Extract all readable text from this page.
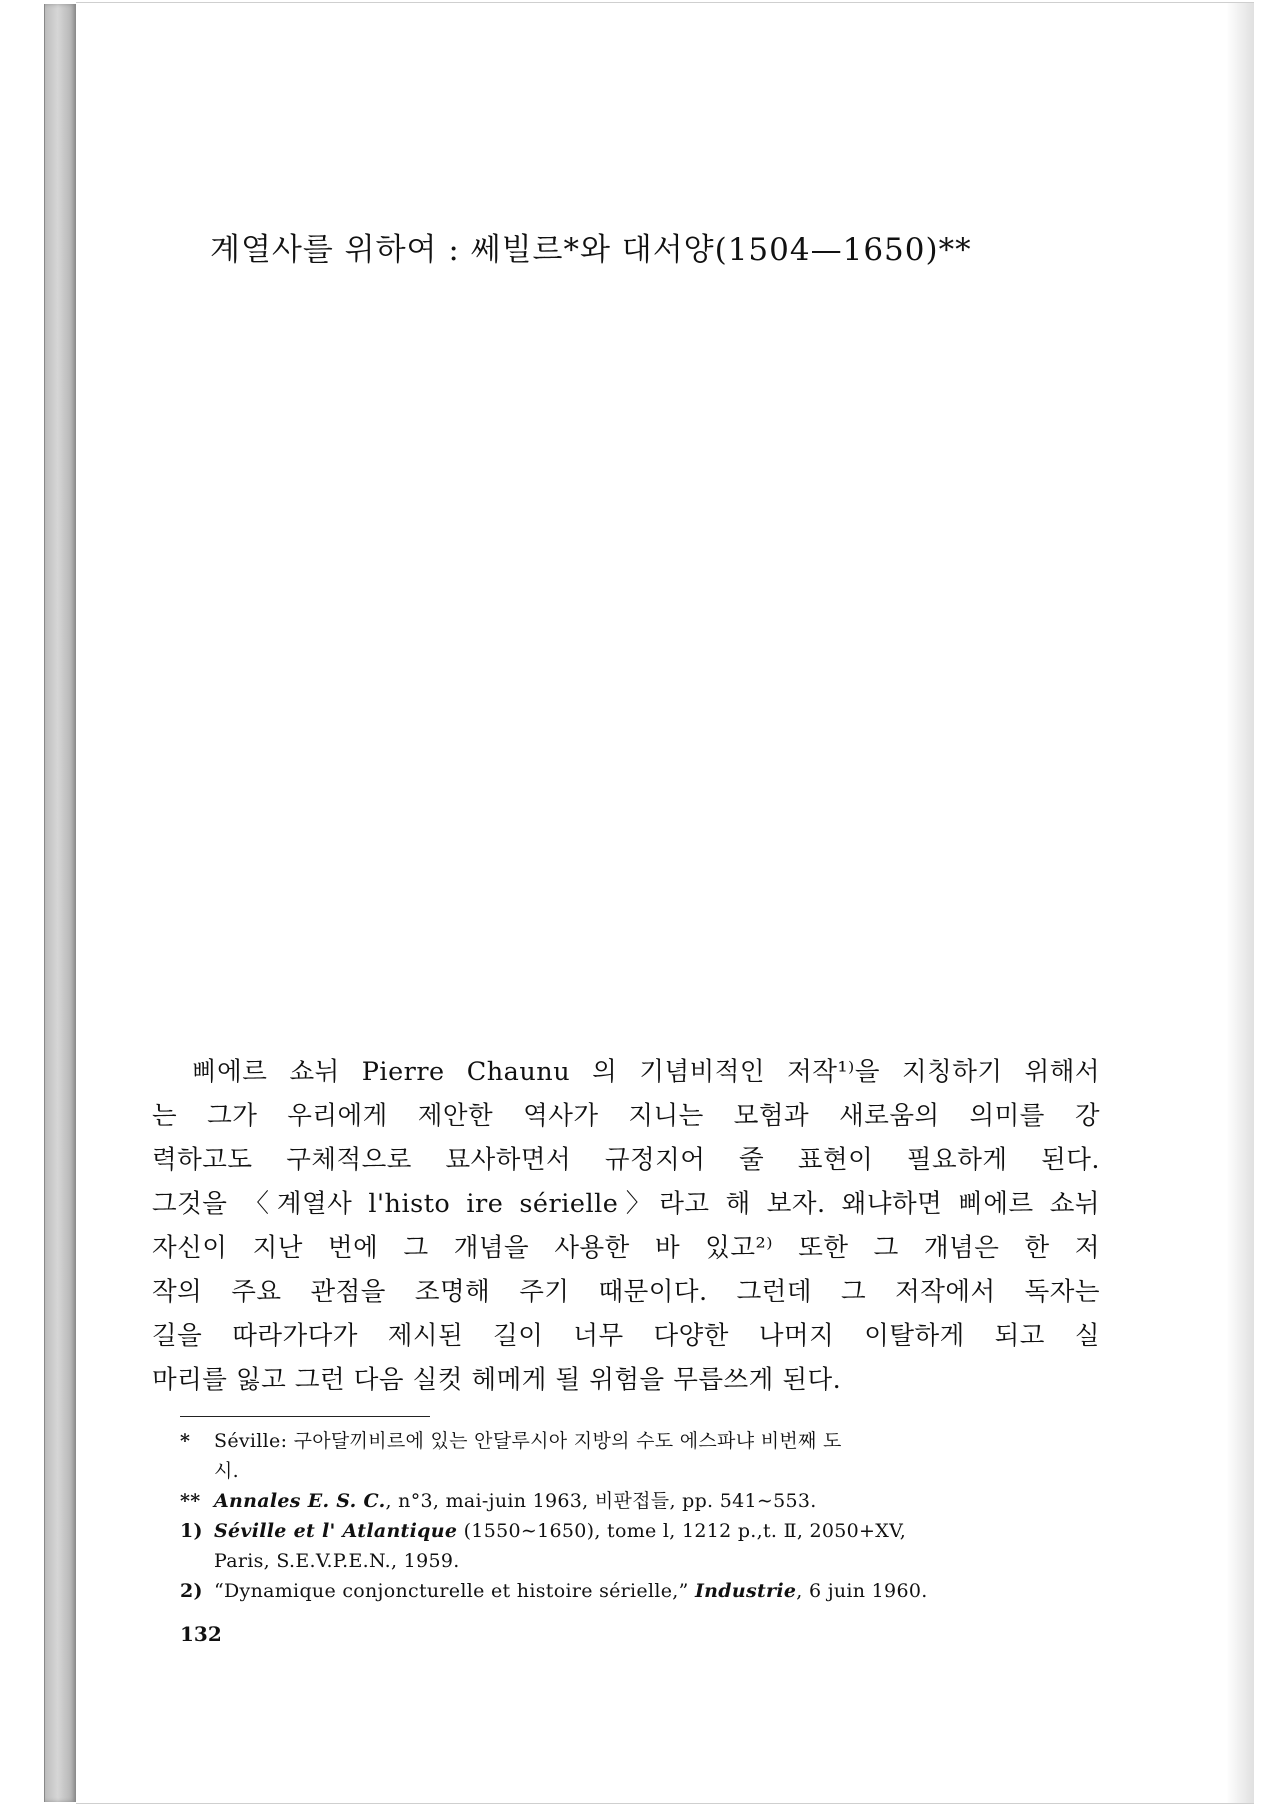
계열사를 위하여 : 쎄빌르*와 대서양(1504—1650)**
삐에르 쇼뉘 Pierre Chaunu 의 기념비적인 저작¹⁾을 지칭하기 위해서
는 그가 우리에게 제안한 역사가 지니는 모험과 새로움의 의미를 강
력하고도 구체적으로 묘사하면서 규정지어 줄 표현이 필요하게 된다.
그것을 〈계열사 l'histo ire sérielle〉라고 해 보자. 왜냐하면 삐에르 쇼뉘
자신이 지난 번에 그 개념을 사용한 바 있고²⁾ 또한 그 개념은 한 저
작의 주요 관점을 조명해 주기 때문이다. 그런데 그 저작에서 독자는
길을 따라가다가 제시된 길이 너무 다양한 나머지 이탈하게 되고 실
마리를 잃고 그런 다음 실컷 헤메게 될 위험을 무릅쓰게 된다.
*	Séville: 구아달끼비르에 있는 안달루시아 지방의 수도 에스파냐 비번째 도
시.
** Annales E. S. C., n°3, mai-juin 1963, 비판접들, pp. 541∼553.
1) Séville et l' Atlantique (1550∼1650), tome l, 1212 p.,t. Ⅱ, 2050+XV,
Paris, S.E.V.P.E.N., 1959.
2) “Dynamique conjoncturelle et histoire sérielle,” Industrie, 6 juin 1960.
132
